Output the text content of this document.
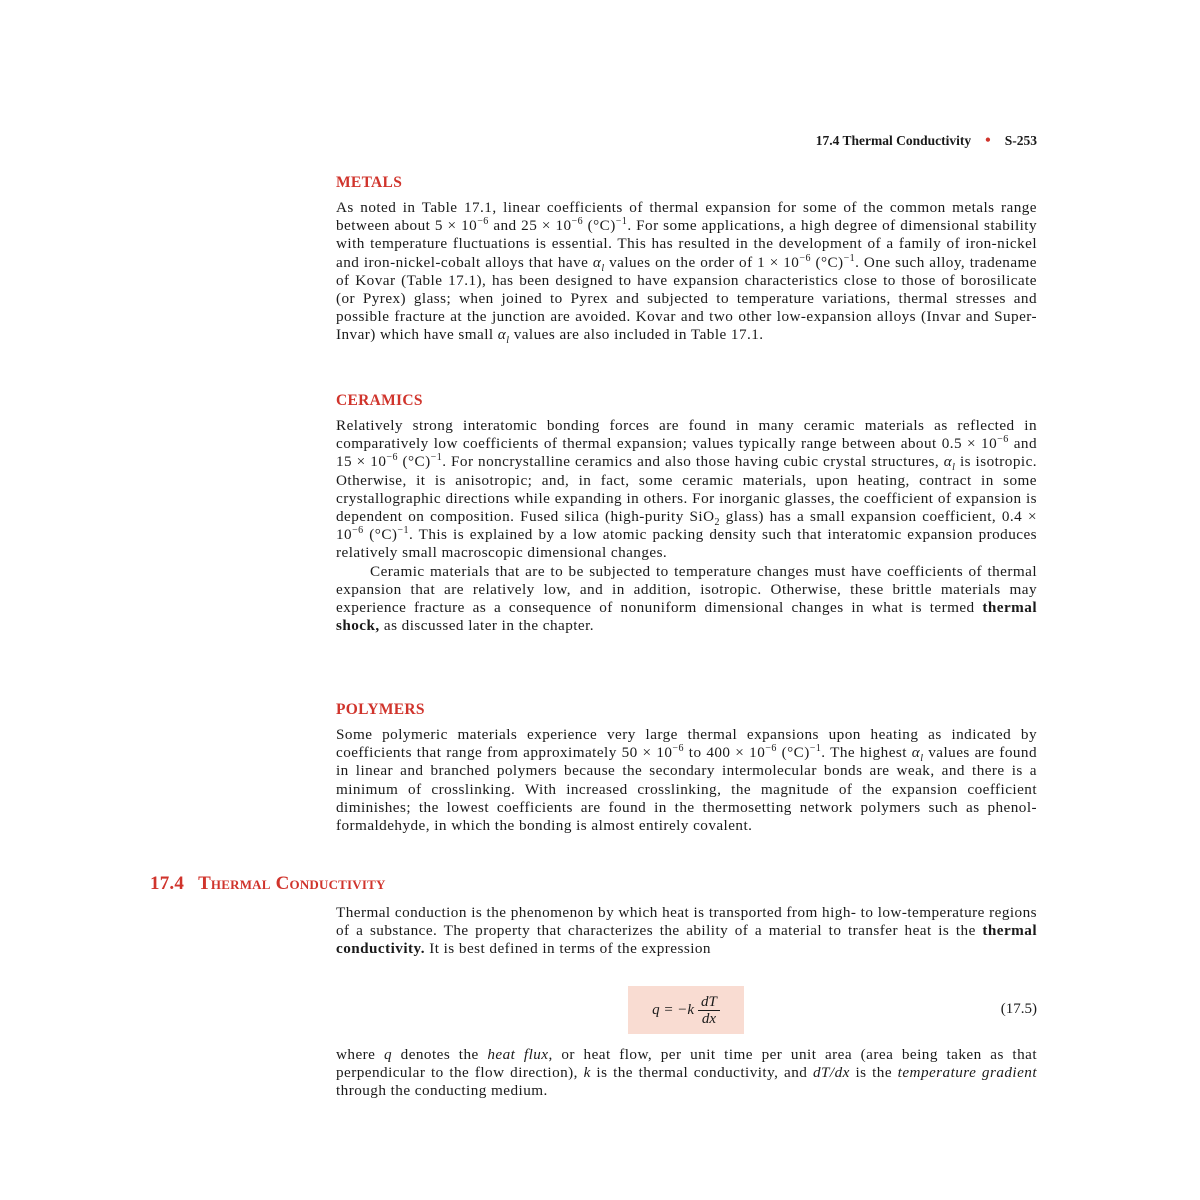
17.4 Thermal Conductivity • S-253
METALS

As noted in Table 17.1, linear coefficients of thermal expansion for some of the common metals range between about $5 \times 10^{-6}$ and $25 \times 10^{-6}$ $(^\circ C)^{-1}$. For some applications, a high degree of dimensional stability with temperature fluctuations is essential. This has resulted in the development of a family of iron-nickel and iron-nickel-cobalt alloys that have $\alpha_l$ values on the order of $1 \times 10^{-6}$ $(^\circ C)^{-1}$. One such alloy, tradename of Kovar (Table 17.1), has been designed to have expansion characteristics close to those of borosilicate (or Pyrex) glass; when joined to Pyrex and subjected to temperature variations, thermal stresses and possible fracture at the junction are avoided. Kovar and two other low-expansion alloys (Invar and Super-Invar) which have small $\alpha_l$ values are also included in Table 17.1.

CERAMICS

Relatively strong interatomic bonding forces are found in many ceramic materials as reflected in comparatively low coefficients of thermal expansion; values typically range between about $0.5 \times 10^{-6}$ and $15 \times 10^{-6}$ $(^\circ C)^{-1}$. For noncrystalline ceramics and also those having cubic crystal structures, $\alpha_l$ is isotropic. Otherwise, it is anisotropic; and, in fact, some ceramic materials, upon heating, contract in some crystallographic directions while expanding in others. For inorganic glasses, the coefficient of expansion is dependent on composition. Fused silica (high-purity SiO$_2$ glass) has a small expansion coefficient, $0.4 \times 10^{-6}$ $(^\circ C)^{-1}$. This is explained by a low atomic packing density such that interatomic expansion produces relatively small macroscopic dimensional changes.

Ceramic materials that are to be subjected to temperature changes must have coefficients of thermal expansion that are relatively low, and in addition, isotropic. Otherwise, these brittle materials may experience fracture as a consequence of nonuniform dimensional changes in what is termed thermal shock, as discussed later in the chapter.

POLYMERS

Some polymeric materials experience very large thermal expansions upon heating as indicated by coefficients that range from approximately $50 \times 10^{-6}$ to $400 \times 10^{-6}$ $(^\circ C)^{-1}$. The highest $\alpha_l$ values are found in linear and branched polymers because the secondary intermolecular bonds are weak, and there is a minimum of crosslinking. With increased crosslinking, the magnitude of the expansion coefficient diminishes; the lowest coefficients are found in the thermosetting network polymers such as phenol-formaldehyde, in which the bonding is almost entirely covalent.

17.4 Thermal Conductivity

Thermal conduction is the phenomenon by which heat is transported from high- to low-temperature regions of a substance. The property that characterizes the ability of a material to transfer heat is the thermal conductivity. It is best defined in terms of the expression

$q = -k \frac{dT}{dx}$	(17.5)

where q denotes the heat flux, or heat flow, per unit time per unit area (area being taken as that perpendicular to the flow direction), k is the thermal conductivity, and dT/dx is the temperature gradient through the conducting medium.
